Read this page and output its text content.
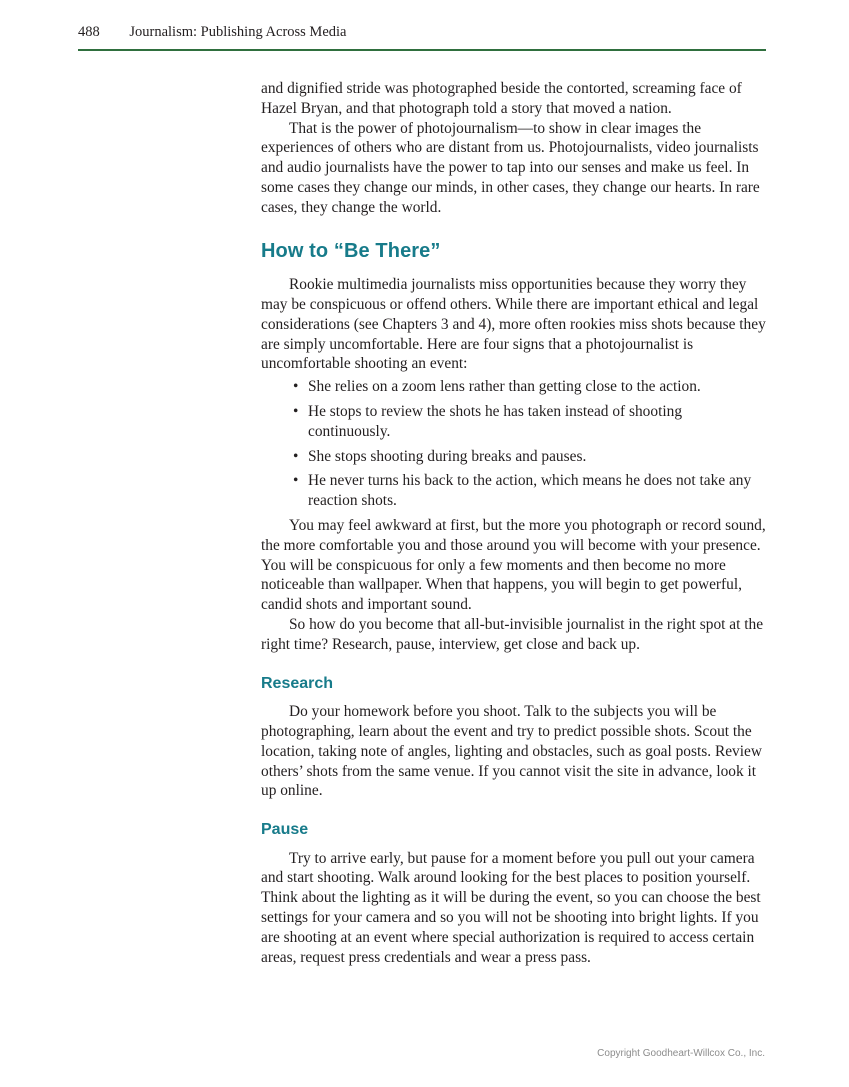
488 Journalism: Publishing Across Media

and dignified stride was photographed beside the contorted, screaming face of Hazel Bryan, and that photograph told a story that moved a nation.

That is the power of photojournalism—to show in clear images the experiences of others who are distant from us. Photojournalists, video journalists and audio journalists have the power to tap into our senses and make us feel. In some cases they change our minds, in other cases, they change our hearts. In rare cases, they change the world.

How to “Be There”

Rookie multimedia journalists miss opportunities because they worry they may be conspicuous or offend others. While there are important ethical and legal considerations (see Chapters 3 and 4), more often rookies miss shots because they are simply uncomfortable. Here are four signs that a photojournalist is uncomfortable shooting an event:

• She relies on a zoom lens rather than getting close to the action.
• He stops to review the shots he has taken instead of shooting continuously.
• She stops shooting during breaks and pauses.
• He never turns his back to the action, which means he does not take any reaction shots.

You may feel awkward at first, but the more you photograph or record sound, the more comfortable you and those around you will become with your presence. You will be conspicuous for only a few moments and then become no more noticeable than wallpaper. When that happens, you will begin to get powerful, candid shots and important sound.

So how do you become that all-but-invisible journalist in the right spot at the right time? Research, pause, interview, get close and back up.

Research

Do your homework before you shoot. Talk to the subjects you will be photographing, learn about the event and try to predict possible shots. Scout the location, taking note of angles, lighting and obstacles, such as goal posts. Review others’ shots from the same venue. If you cannot visit the site in advance, look it up online.

Pause

Try to arrive early, but pause for a moment before you pull out your camera and start shooting. Walk around looking for the best places to position yourself. Think about the lighting as it will be during the event, so you can choose the best settings for your camera and so you will not be shooting into bright lights. If you are shooting at an event where special authorization is required to access certain areas, request press credentials and wear a press pass.

Copyright Goodheart-Willcox Co., Inc.
